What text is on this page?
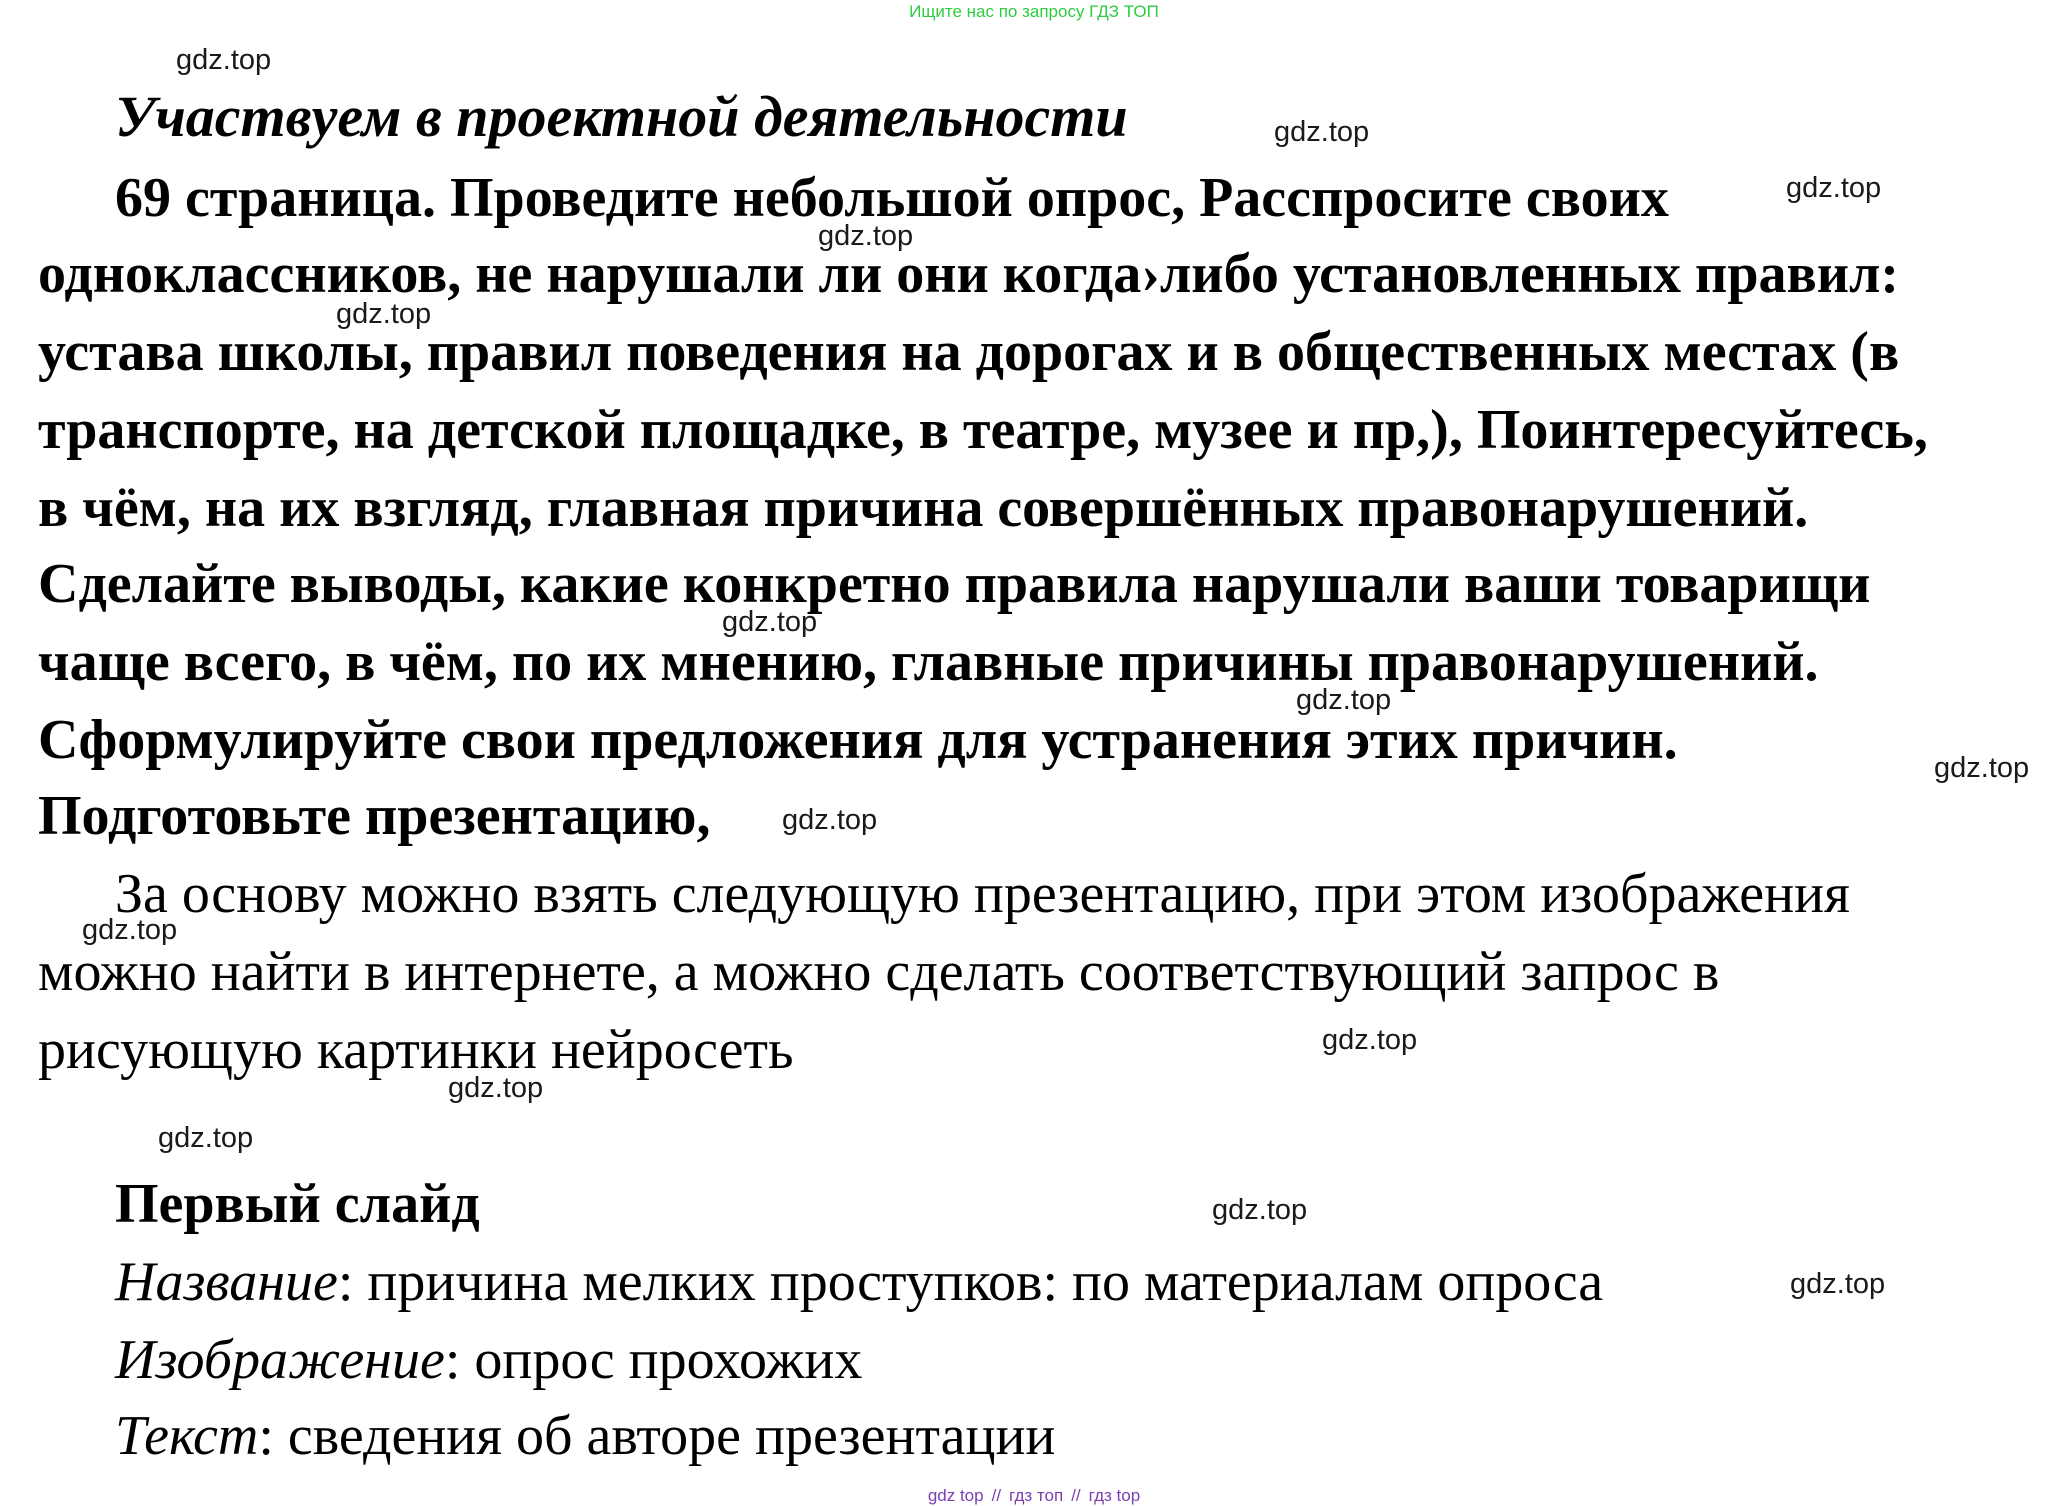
Ищите нас по запросу ГДЗ ТОП
gdz.top
gdz.top
gdz.top
gdz.top
gdz.top
gdz.top
gdz.top
gdz.top
gdz.top
gdz.top
gdz.top
gdz.top
gdz.top
gdz.top
gdz.top
Участвуем в проектной деятельности
69 страница. Проведите небольшой опрос, Расспросите своих
одноклассников, не нарушали ли они когда›либо установленных правил:
устава школы, правил поведения на дорогах и в общественных местах (в
транспорте, на детской площадке, в театре, музее и пр,), Поинтересуйтесь,
в чём, на их взгляд, главная причина совершённых правонарушений.
Сделайте выводы, какие конкретно правила нарушали ваши товарищи
чаще всего, в чём, по их мнению, главные причины правонарушений.
Сформулируйте свои предложения для устранения этих причин.
Подготовьте презентацию,
За основу можно взять следующую презентацию, при этом изображения
можно найти в интернете, а можно сделать соответствующий запрос в
рисующую картинки нейросеть
Первый слайд
Название: причина мелких проступков: по материалам опроса
Изображение: опрос прохожих
Текст: сведения об авторе презентации
gdz top // гдз топ // гдз top
